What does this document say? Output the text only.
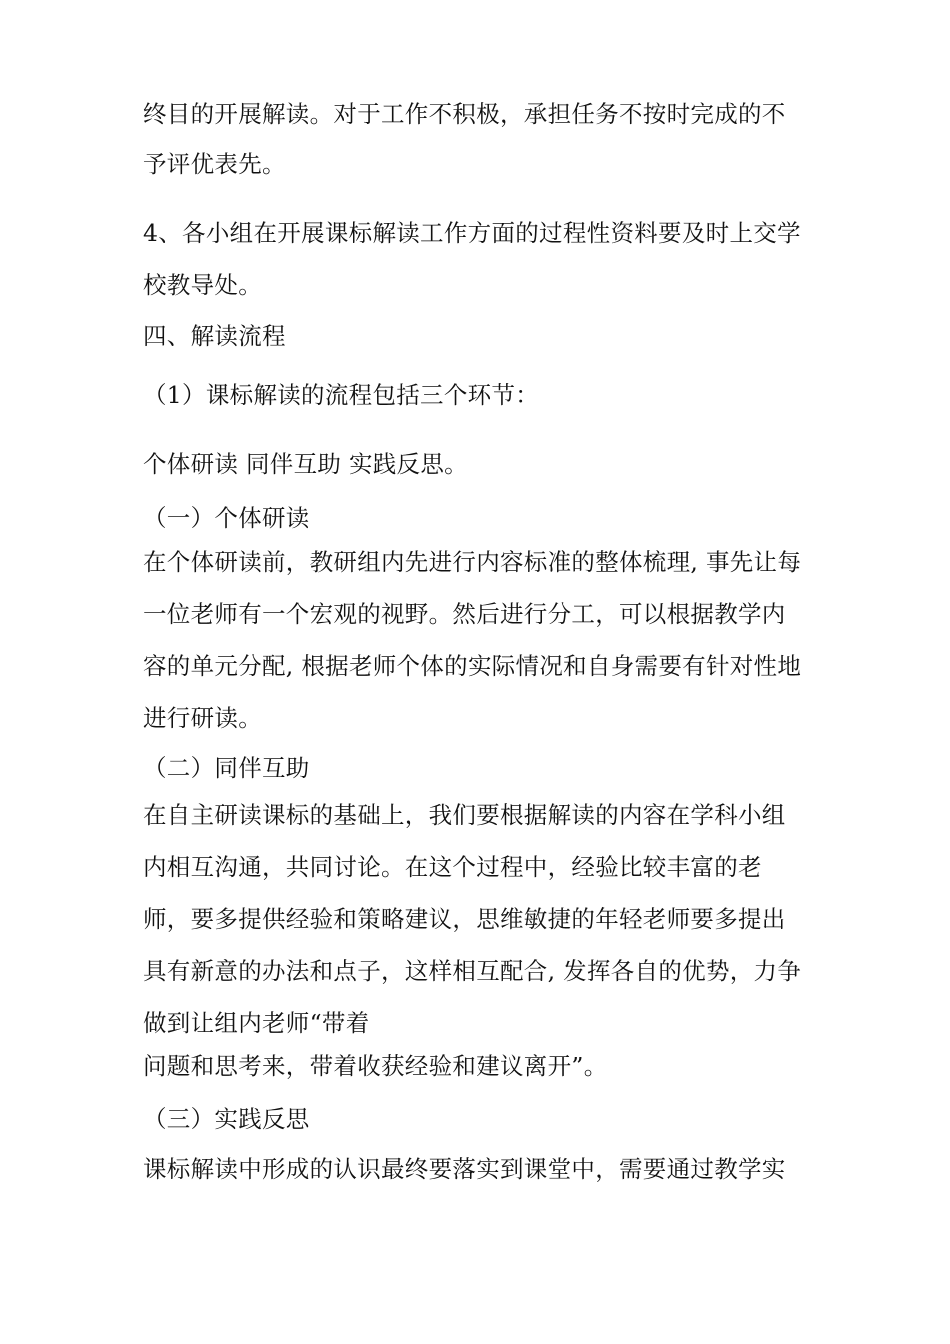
终目的开展解读。对于工作不积极，承担任务不按时完成的不
予评优表先。
4、各小组在开展课标解读工作方面的过程性资料要及时上交学
校教导处。
四、解读流程
（1）课标解读的流程包括三个环节：
个体研读 同伴互助 实践反思。
（一）个体研读
在个体研读前，教研组内先进行内容标准的整体梳理, 事先让每
一位老师有一个宏观的视野。然后进行分工，可以根据教学内
容的单元分配, 根据老师个体的实际情况和自身需要有针对性地
进行研读。
（二）同伴互助
在自主研读课标的基础上，我们要根据解读的内容在学科小组
内相互沟通，共同讨论。在这个过程中，经验比较丰富的老
师，要多提供经验和策略建议，思维敏捷的年轻老师要多提出
具有新意的办法和点子，这样相互配合, 发挥各自的优势，力争
做到让组内老师“带着
问题和思考来，带着收获经验和建议离开”。
（三）实践反思
课标解读中形成的认识最终要落实到课堂中，需要通过教学实
